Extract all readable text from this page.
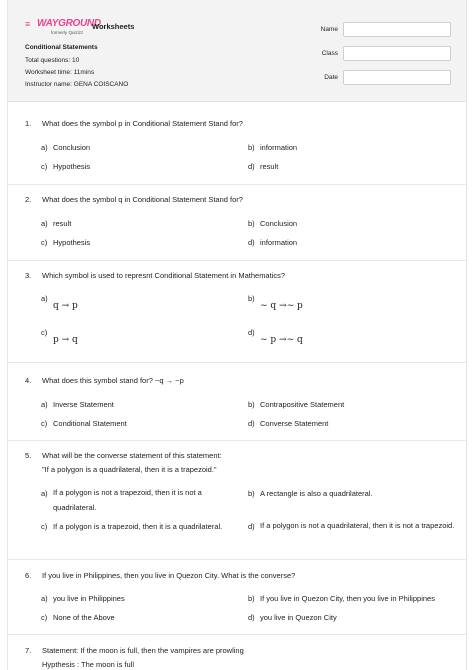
≡ WAYGROUND
formerly Quizizz
Worksheets
Conditional Statements
Total questions: 10
Worksheet time: 11mins
Instructor name: GENA COISCANO
Name
Class
Date
1. What does the symbol p in Conditional Statement Stand for?
a) Conclusion	b) information
c) Hypothesis	d) result
2. What does the symbol q in Conditional Statement Stand for?
a) result	b) Conclusion
c) Hypothesis	d) information
3. Which symbol is used to represnt Conditional Statement in Mathematics?
a)
q → p
b)
∼ q →∼ p
c)
p → q
d)
∼ p →∼ q
4. What does this symbol stand for? ~q → ~p
a) Inverse Statement	b) Contrapositive Statement
c) Conditional Statement	d) Converse Statement
5. What will be the converse statement of this statement:
"If a polygon is a quadrilateral, then it is a trapezoid."
a) If a polygon is not a trapezoid, then it is not a quadrilateral.
b) A rectangle is also a quadrilateral.
c) If a polygon is a trapezoid, then it is a quadrilateral.	d) If a polygon is not a quadrilateral, then it is not a trapezoid.
6. If you live in Philippines, then you live in Quezon City. What is the converse?
a) you live in Philippines	b) If you live in Quezon City, then you live in Philippines
c) None of the Above	d) you live in Quezon City
7. Statement: If the moon is full, then the vampires are prowling
Hypthesis : The moon is full
